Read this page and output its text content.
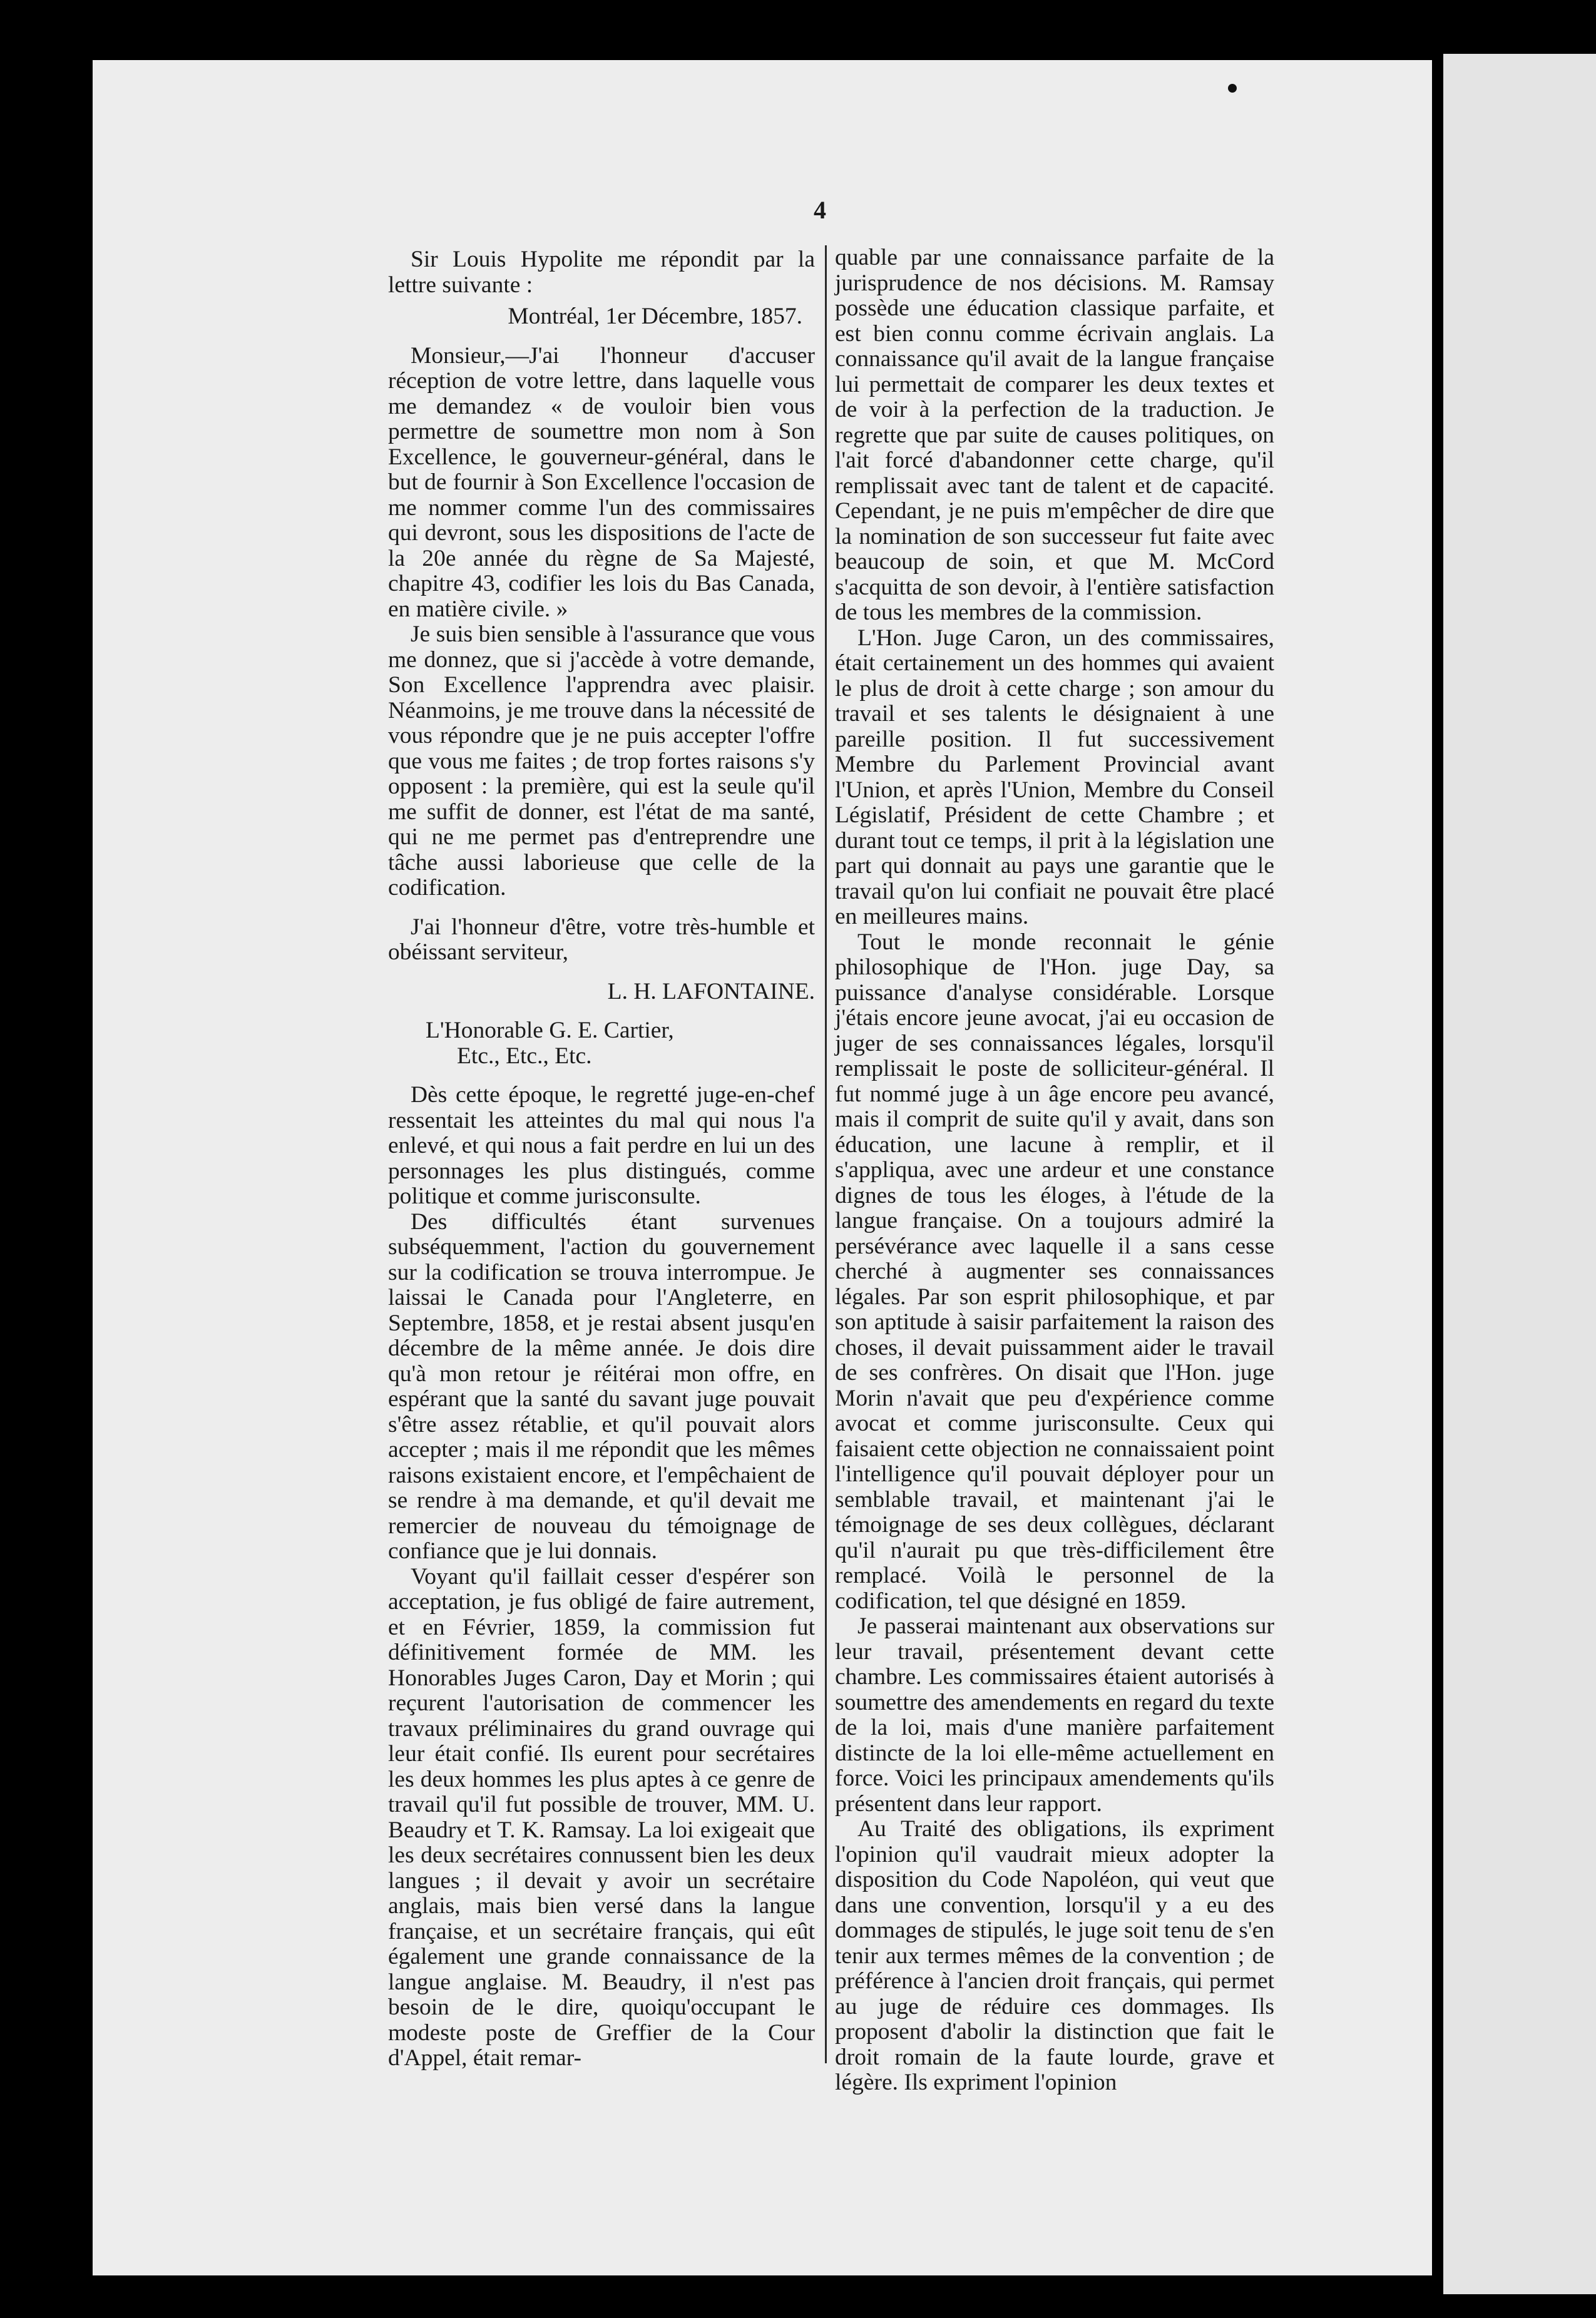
4

Sir Louis Hypolite me répondit par la lettre suivante :

Montréal, 1er Décembre, 1857.

Monsieur,—J'ai l'honneur d'accuser réception de votre lettre, dans laquelle vous me demandez « de vouloir bien vous permettre de soumettre mon nom à Son Excellence, le gouverneur-général, dans le but de fournir à Son Excellence l'occasion de me nommer comme l'un des commissaires qui devront, sous les dispositions de l'acte de la 20e année du règne de Sa Majesté, chapitre 43, codifier les lois du Bas Canada, en matière civile. »

Je suis bien sensible à l'assurance que vous me donnez, que si j'accède à votre demande, Son Excellence l'apprendra avec plaisir. Néanmoins, je me trouve dans la nécessité de vous répondre que je ne puis accepter l'offre que vous me faites ; de trop fortes raisons s'y opposent : la première, qui est la seule qu'il me suffit de donner, est l'état de ma santé, qui ne me permet pas d'entreprendre une tâche aussi laborieuse que celle de la codification.

J'ai l'honneur d'être, votre très-humble et obéissant serviteur,

L. H. LAFONTAINE.

L'Honorable G. E. Cartier,

Etc., Etc., Etc.

Dès cette époque, le regretté juge-en-chef ressentait les atteintes du mal qui nous l'a enlevé, et qui nous a fait perdre en lui un des personnages les plus distingués, comme politique et comme jurisconsulte.

Des difficultés étant survenues subséquemment, l'action du gouvernement sur la codification se trouva interrompue. Je laissai le Canada pour l'Angleterre, en Septembre, 1858, et je restai absent jusqu'en décembre de la même année. Je dois dire qu'à mon retour je réitérai mon offre, en espérant que la santé du savant juge pouvait s'être assez rétablie, et qu'il pouvait alors accepter ; mais il me répondit que les mêmes raisons existaient encore, et l'empêchaient de se rendre à ma demande, et qu'il devait me remercier de nouveau du témoignage de confiance que je lui donnais.

Voyant qu'il faillait cesser d'espérer son acceptation, je fus obligé de faire autrement, et en Février, 1859, la commission fut définitivement formée de MM. les Honorables Juges Caron, Day et Morin ; qui reçurent l'autorisation de commencer les travaux préliminaires du grand ouvrage qui leur était confié. Ils eurent pour secrétaires les deux hommes les plus aptes à ce genre de travail qu'il fut possible de trouver, MM. U. Beaudry et T. K. Ramsay. La loi exigeait que les deux secrétaires connussent bien les deux langues ; il devait y avoir un secrétaire anglais, mais bien versé dans la langue française, et un secrétaire français, qui eût également une grande connaissance de la langue anglaise. M. Beaudry, il n'est pas besoin de le dire, quoiqu'occupant le modeste poste de Greffier de la Cour d'Appel, était remar-

quable par une connaissance parfaite de la jurisprudence de nos décisions. M. Ramsay possède une éducation classique parfaite, et est bien connu comme écrivain anglais. La connaissance qu'il avait de la langue française lui permettait de comparer les deux textes et de voir à la perfection de la traduction. Je regrette que par suite de causes politiques, on l'ait forcé d'abandonner cette charge, qu'il remplissait avec tant de talent et de capacité. Cependant, je ne puis m'empêcher de dire que la nomination de son successeur fut faite avec beaucoup de soin, et que M. McCord s'acquitta de son devoir, à l'entière satisfaction de tous les membres de la commission.

L'Hon. Juge Caron, un des commissaires, était certainement un des hommes qui avaient le plus de droit à cette charge ; son amour du travail et ses talents le désignaient à une pareille position. Il fut successivement Membre du Parlement Provincial avant l'Union, et après l'Union, Membre du Conseil Législatif, Président de cette Chambre ; et durant tout ce temps, il prit à la législation une part qui donnait au pays une garantie que le travail qu'on lui confiait ne pouvait être placé en meilleures mains.

Tout le monde reconnait le génie philosophique de l'Hon. juge Day, sa puissance d'analyse considérable. Lorsque j'étais encore jeune avocat, j'ai eu occasion de juger de ses connaissances légales, lorsqu'il remplissait le poste de solliciteur-général. Il fut nommé juge à un âge encore peu avancé, mais il comprit de suite qu'il y avait, dans son éducation, une lacune à remplir, et il s'appliqua, avec une ardeur et une constance dignes de tous les éloges, à l'étude de la langue française. On a toujours admiré la persévérance avec laquelle il a sans cesse cherché à augmenter ses connaissances légales. Par son esprit philosophique, et par son aptitude à saisir parfaitement la raison des choses, il devait puissamment aider le travail de ses confrères. On disait que l'Hon. juge Morin n'avait que peu d'expérience comme avocat et comme jurisconsulte. Ceux qui faisaient cette objection ne connaissaient point l'intelligence qu'il pouvait déployer pour un semblable travail, et maintenant j'ai le témoignage de ses deux collègues, déclarant qu'il n'aurait pu que très-difficilement être remplacé. Voilà le personnel de la codification, tel que désigné en 1859.

Je passerai maintenant aux observations sur leur travail, présentement devant cette chambre. Les commissaires étaient autorisés à soumettre des amendements en regard du texte de la loi, mais d'une manière parfaitement distincte de la loi elle-même actuellement en force. Voici les principaux amendements qu'ils présentent dans leur rapport.

Au Traité des obligations, ils expriment l'opinion qu'il vaudrait mieux adopter la disposition du Code Napoléon, qui veut que dans une convention, lorsqu'il y a eu des dommages de stipulés, le juge soit tenu de s'en tenir aux termes mêmes de la convention ; de préférence à l'ancien droit français, qui permet au juge de réduire ces dommages. Ils proposent d'abolir la distinction que fait le droit romain de la faute lourde, grave et légère. Ils expriment l'opinion
